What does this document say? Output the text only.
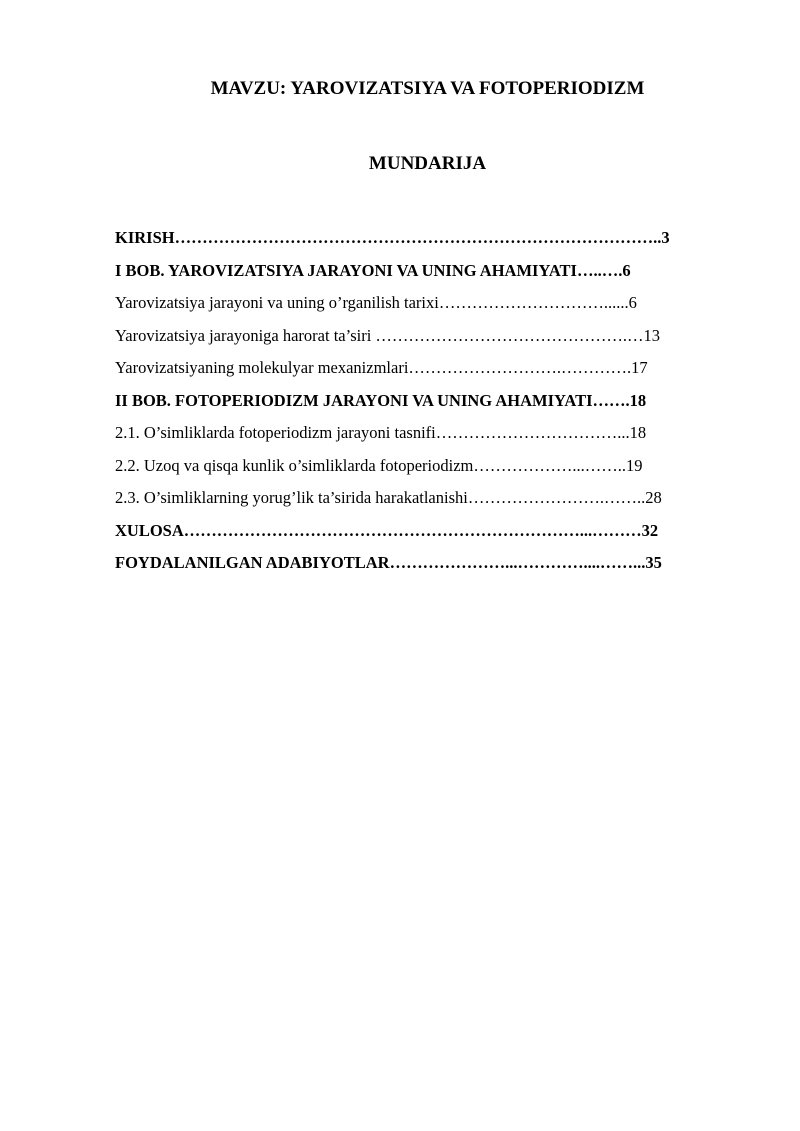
MAVZU: YAROVIZATSIYA VA FOTOPERIODIZM
MUNDARIJA
KIRISH……………………………………………………………………………..3
I BOB. YAROVIZATSIYA JARAYONI VA UNING AHAMIYATI…..….6
Yarovizatsiya jarayoni va uning o’rganilish tarixi…………………………......6
Yarovizatsiya jarayoniga harorat ta’siri ……………………………………….…13
Yarovizatsiyaning molekulyar mexanizmlari……………………….………….17
II BOB. FOTOPERIODIZM JARAYONI VA UNING AHAMIYATI…….18
2.1. O’simliklarda fotoperiodizm jarayoni tasnifi……………………………...18
2.2. Uzoq va qisqa kunlik o’simliklarda fotoperiodizm………………...……..19
2.3. O’simliklarning yorug’lik ta’sirida harakatlanishi…………………….……..28
XULOSA………………………………………………………………...………32
FOYDALANILGAN ADABIYOTLAR…………………...…………....……...35
